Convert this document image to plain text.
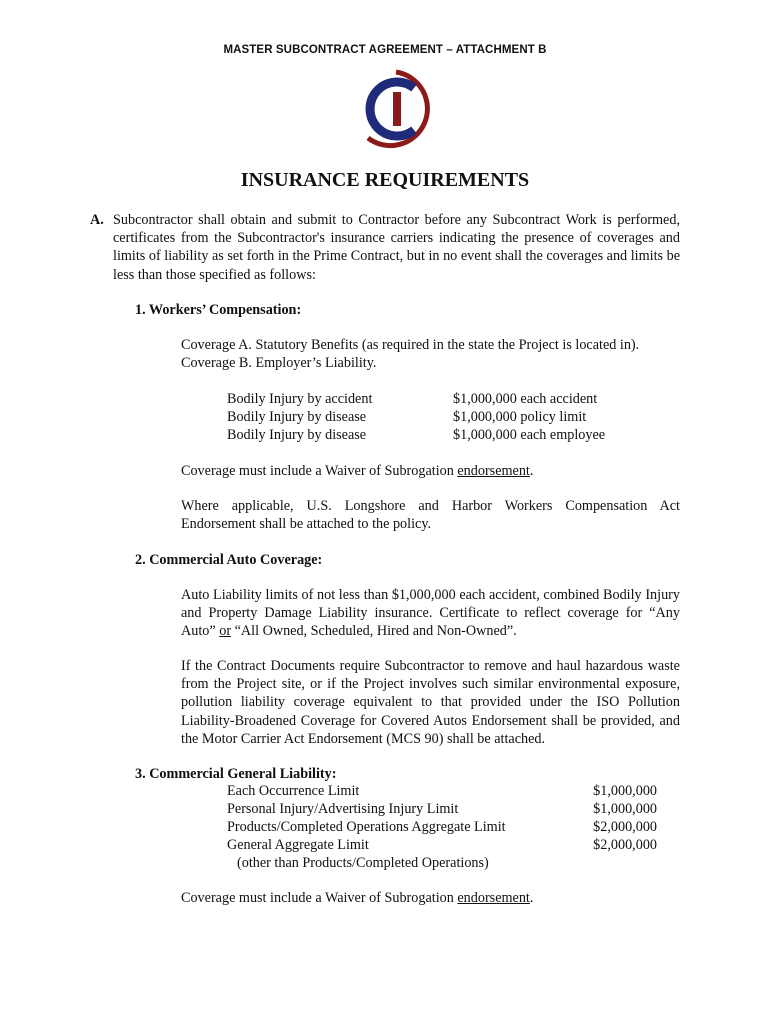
MASTER SUBCONTRACT AGREEMENT – ATTACHMENT B
INSURANCE REQUIREMENTS
A. Subcontractor shall obtain and submit to Contractor before any Subcontract Work is performed, certificates from the Subcontractor's insurance carriers indicating the presence of coverages and limits of liability as set forth in the Prime Contract, but in no event shall the coverages and limits be less than those specified as follows:
1. Workers’ Compensation:
Coverage A. Statutory Benefits (as required in the state the Project is located in).
Coverage B. Employer’s Liability.
Bodily Injury by accident	$1,000,000 each accident
Bodily Injury by disease	$1,000,000 policy limit
Bodily Injury by disease	$1,000,000 each employee
Coverage must include a Waiver of Subrogation endorsement.
Where applicable, U.S. Longshore and Harbor Workers Compensation Act Endorsement shall be attached to the policy.
2. Commercial Auto Coverage:
Auto Liability limits of not less than $1,000,000 each accident, combined Bodily Injury and Property Damage Liability insurance. Certificate to reflect coverage for “Any Auto” or “All Owned, Scheduled, Hired and Non-Owned”.
If the Contract Documents require Subcontractor to remove and haul hazardous waste from the Project site, or if the Project involves such similar environmental exposure, pollution liability coverage equivalent to that provided under the ISO Pollution Liability-Broadened Coverage for Covered Autos Endorsement shall be provided, and the Motor Carrier Act Endorsement (MCS 90) shall be attached.
3. Commercial General Liability:
Each Occurrence Limit	$1,000,000
Personal Injury/Advertising Injury Limit	$1,000,000
Products/Completed Operations Aggregate Limit	$2,000,000
General Aggregate Limit	$2,000,000
(other than Products/Completed Operations)
Coverage must include a Waiver of Subrogation endorsement.
